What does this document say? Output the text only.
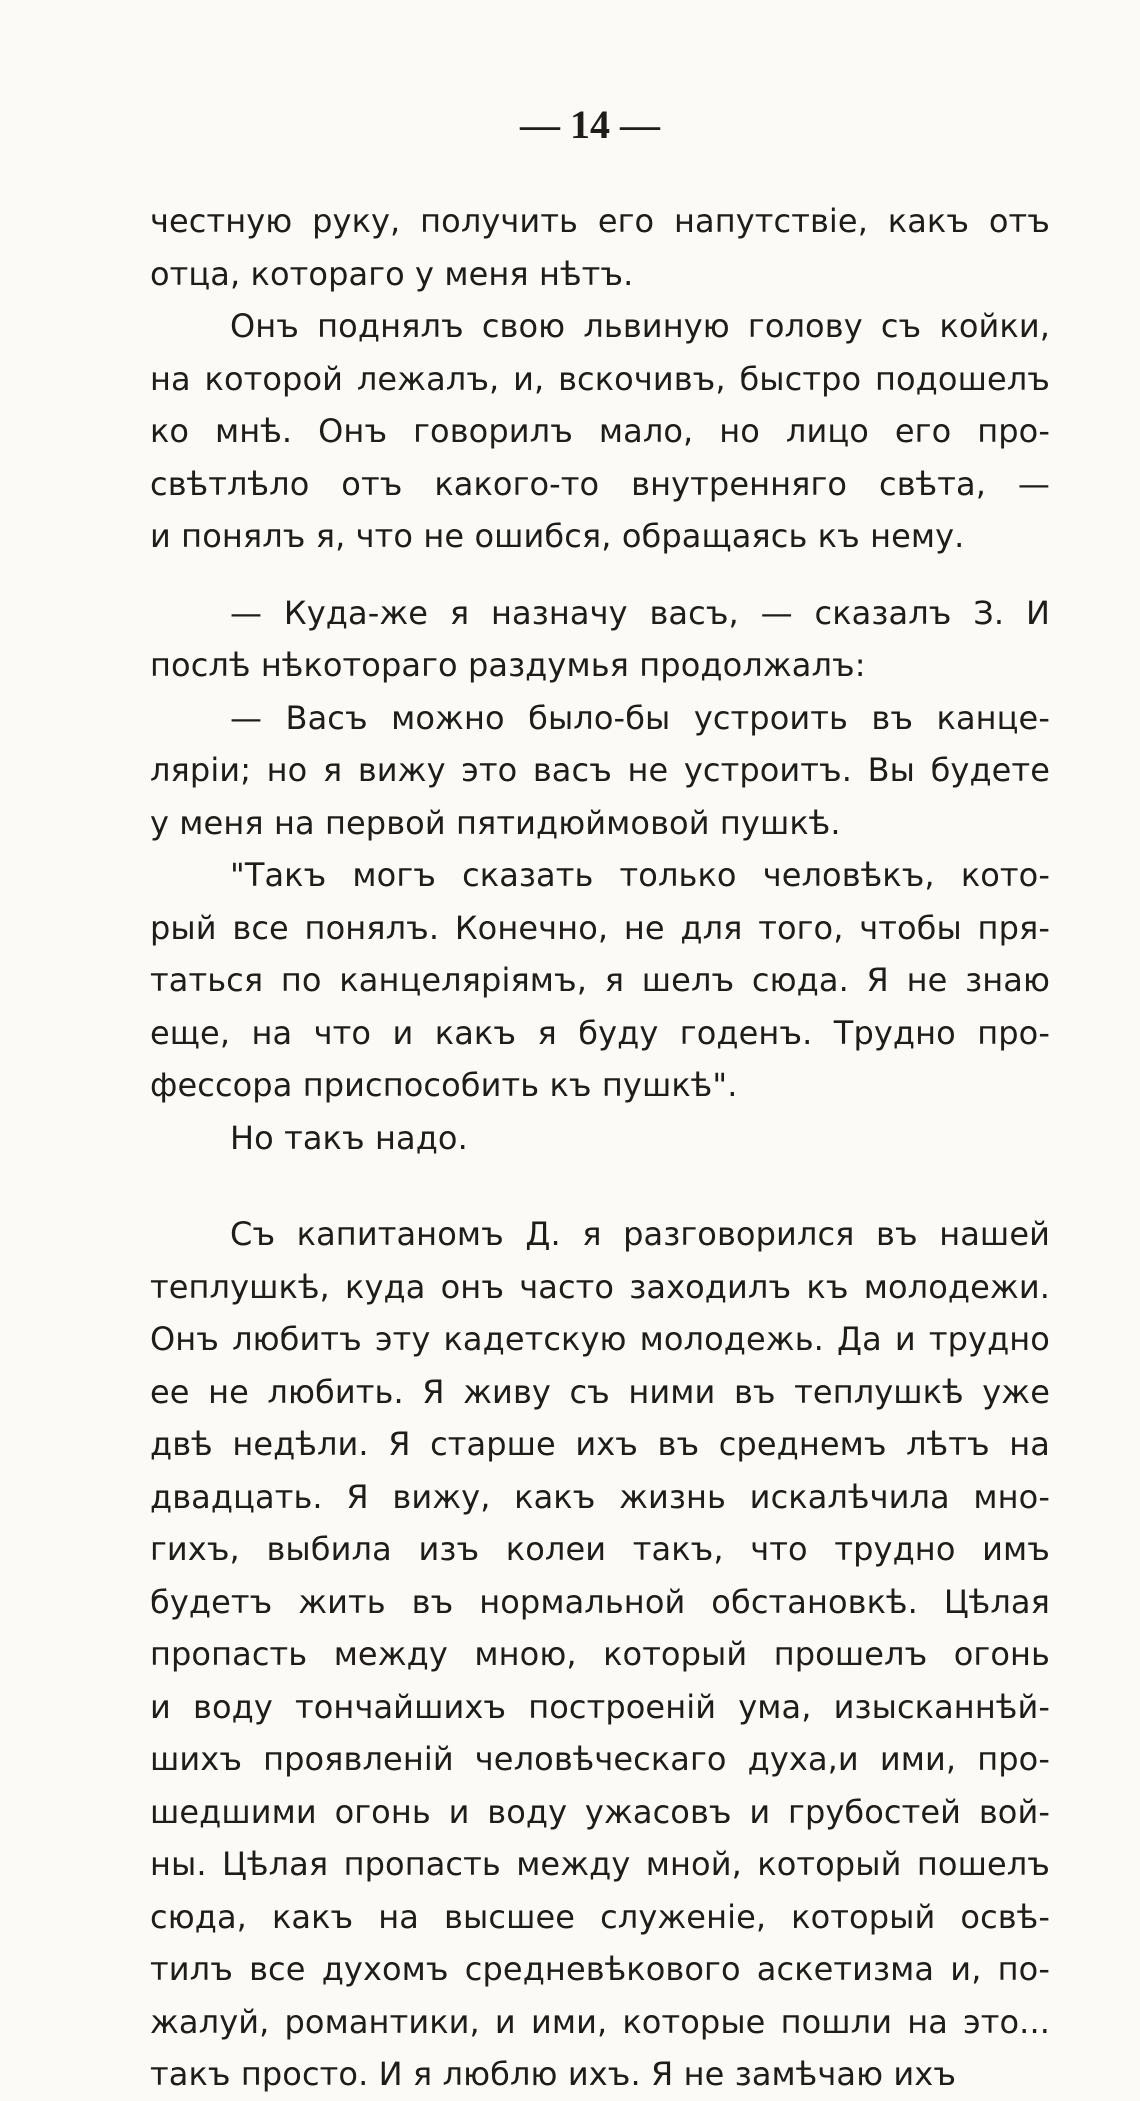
— 14 —

честную руку, получить его напутствiе, какъ отъ
отца, котораго у меня нѣтъ.

Онъ поднялъ свою львиную голову съ койки,
на которой лежалъ, и, вскочивъ, быстро подошелъ
ко мнѣ. Онъ говорилъ мало, но лицо его про-
свѣтлѣло отъ какого-то внутренняго свѣта, —
и понялъ я, что не ошибся, обращаясь къ нему.

— Куда-же я назначу васъ, — сказалъ З. И
послѣ нѣкотораго раздумья продолжалъ:

— Васъ можно было-бы устроить въ канце-
ляріи; но я вижу это васъ не устроитъ. Вы будете
у меня на первой пятидюймовой пушкѣ.

"Такъ могъ сказать только человѣкъ, кото-
рый все понялъ. Конечно, не для того, чтобы пря-
таться по канцеляріямъ, я шелъ сюда. Я не знаю
еще, на что и какъ я буду годенъ. Трудно про-
фессора приспособить къ пушкѣ".

Но такъ надо.

Съ капитаномъ Д. я разговорился въ нашей
теплушкѣ, куда онъ часто заходилъ къ молодежи.
Онъ любитъ эту кадетскую молодежь. Да и трудно
ее не любить. Я живу съ ними въ теплушкѣ уже
двѣ недѣли. Я старше ихъ въ среднемъ лѣтъ на
двадцать. Я вижу, какъ жизнь искалѣчила мно-
гихъ, выбила изъ колеи такъ, что трудно имъ
будетъ жить въ нормальной обстановкѣ. Цѣлая
пропасть между мною, который прошелъ огонь
и воду тончайшихъ построеній ума, изысканнѣй-
шихъ проявленій человѣческаго духа,и ими, про-
шедшими огонь и воду ужасовъ и грубостей вой-
ны. Цѣлая пропасть между мной, который пошелъ
сюда, какъ на высшее служеніе, который освѣ-
тилъ все духомъ средневѣкового аскетизма и, по-
жалуй, романтики, и ими, которые пошли на это...
такъ просто. И я люблю ихъ. Я не замѣчаю ихъ
